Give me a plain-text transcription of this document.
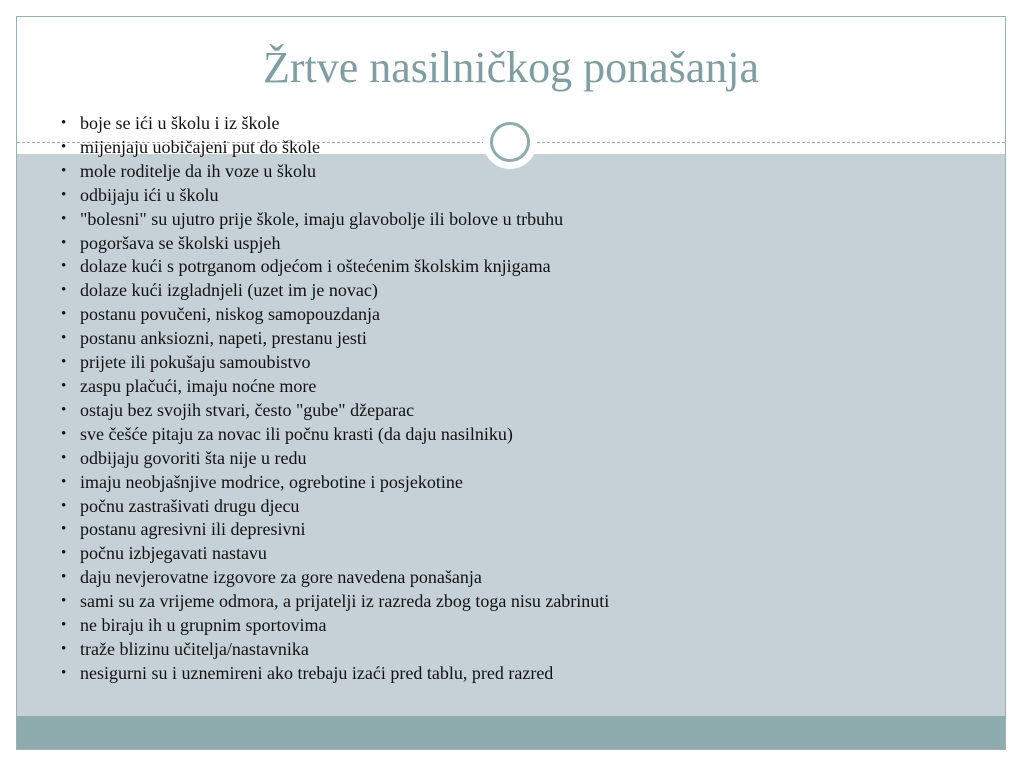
Žrtve nasilničkog ponašanja
• boje se ići u školu i iz škole
• mijenjaju uobičajeni put do škole
• mole roditelje da ih voze u školu
• odbijaju ići u školu
• "bolesni" su ujutro prije škole, imaju glavobolje ili bolove u trbuhu
• pogoršava se školski uspjeh
• dolaze kući s potrganom odjećom i oštećenim školskim knjigama
• dolaze kući izgladnjeli (uzet im je novac)
• postanu povučeni, niskog samopouzdanja
• postanu anksiozni, napeti, prestanu jesti
• prijete ili pokušaju samoubistvo
• zaspu plačući, imaju noćne more
• ostaju bez svojih stvari, često "gube" džeparac
• sve češće pitaju za novac ili počnu krasti (da daju nasilniku)
• odbijaju govoriti šta nije u redu
• imaju neobjašnjive modrice, ogrebotine i posjekotine
• počnu zastrašivati drugu djecu
• postanu agresivni ili depresivni
• počnu izbjegavati nastavu
• daju nevjerovatne izgovore za gore navedena ponašanja
• sami su za vrijeme odmora, a prijatelji iz razreda zbog toga nisu zabrinuti
• ne biraju ih u grupnim sportovima
• traže blizinu učitelja/nastavnika
• nesigurni su i uznemireni ako trebaju izaći pred tablu, pred razred
